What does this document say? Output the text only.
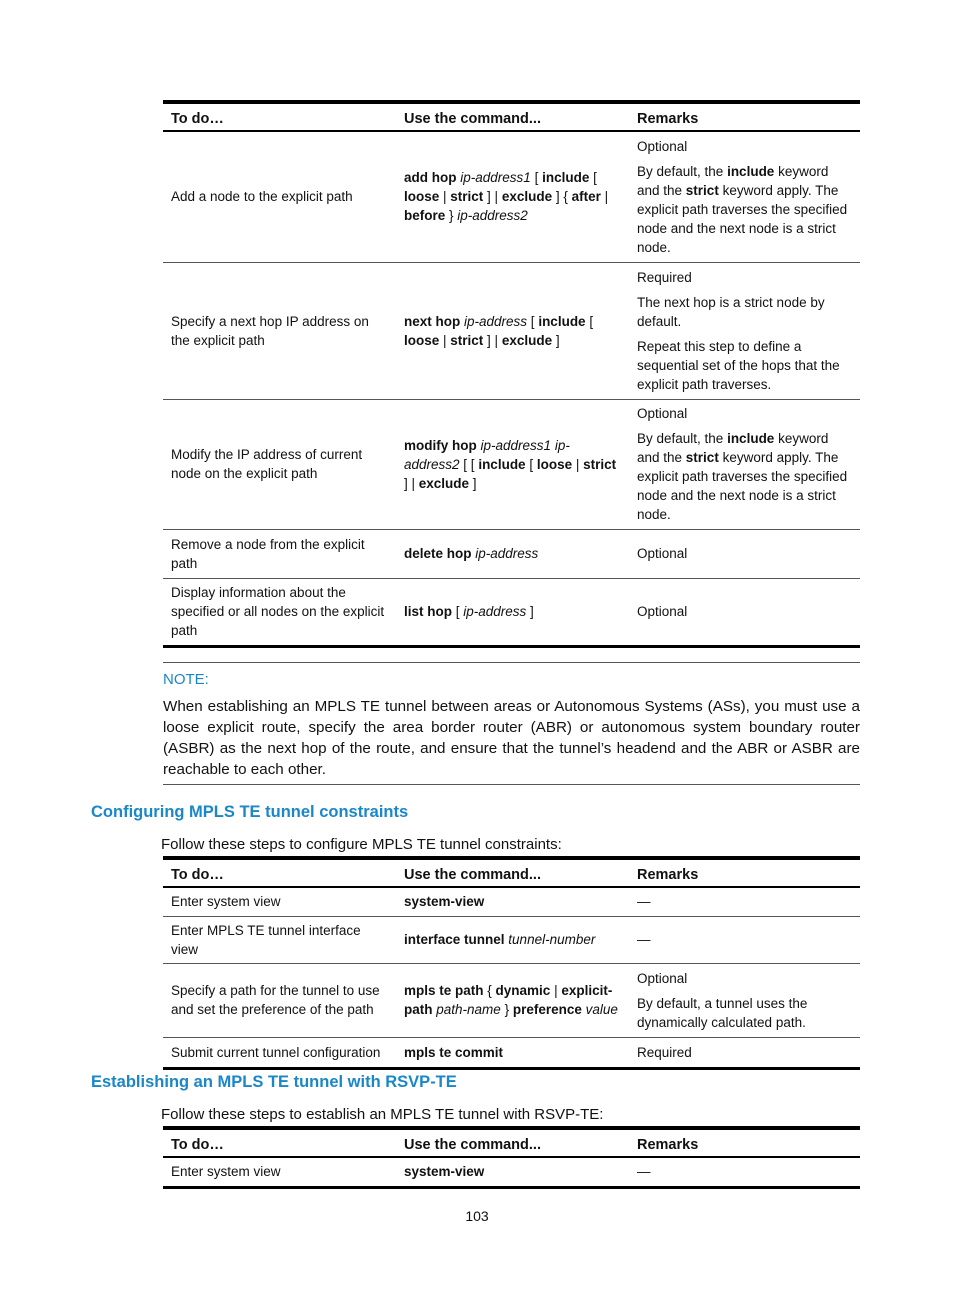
To do…	Use the command...	Remarks
Add a node to the explicit path	add hop ip-address1 [ include [ loose | strict ] | exclude ] { after | before } ip-address2	Optional

By default, the include keyword and the strict keyword apply. The explicit path traverses the specified node and the next node is a strict node.

Specify a next hop IP address on the explicit path	next hop ip-address [ include [ loose | strict ] | exclude ]	Required

The next hop is a strict node by default.

Repeat this step to define a sequential set of the hops that the explicit path traverses.

Modify the IP address of current node on the explicit path	modify hop ip-address1 ip-address2 [ [ include [ loose | strict ] | exclude ]	Optional

By default, the include keyword and the strict keyword apply. The explicit path traverses the specified node and the next node is a strict node.

Remove a node from the explicit path	delete hop ip-address	Optional

Display information about the specified or all nodes on the explicit path	list hop [ ip-address ]	Optional

NOTE:
When establishing an MPLS TE tunnel between areas or Autonomous Systems (ASs), you must use a loose explicit route, specify the area border router (ABR) or autonomous system boundary router (ASBR) as the next hop of the route, and ensure that the tunnel’s headend and the ABR or ASBR are reachable to each other.
Configuring MPLS TE tunnel constraints
Follow these steps to configure MPLS TE tunnel constraints:
To do…	Use the command...	Remarks
Enter system view	system-view	—

Enter MPLS TE tunnel interface view	interface tunnel tunnel-number	—

Specify a path for the tunnel to use and set the preference of the path	mpls te path { dynamic | explicit-path path-name } preference value	Optional

By default, a tunnel uses the dynamically calculated path.

Submit current tunnel configuration	mpls te commit	Required

Establishing an MPLS TE tunnel with RSVP-TE
Follow these steps to establish an MPLS TE tunnel with RSVP-TE:
To do…	Use the command...	Remarks
Enter system view	system-view	—

103
